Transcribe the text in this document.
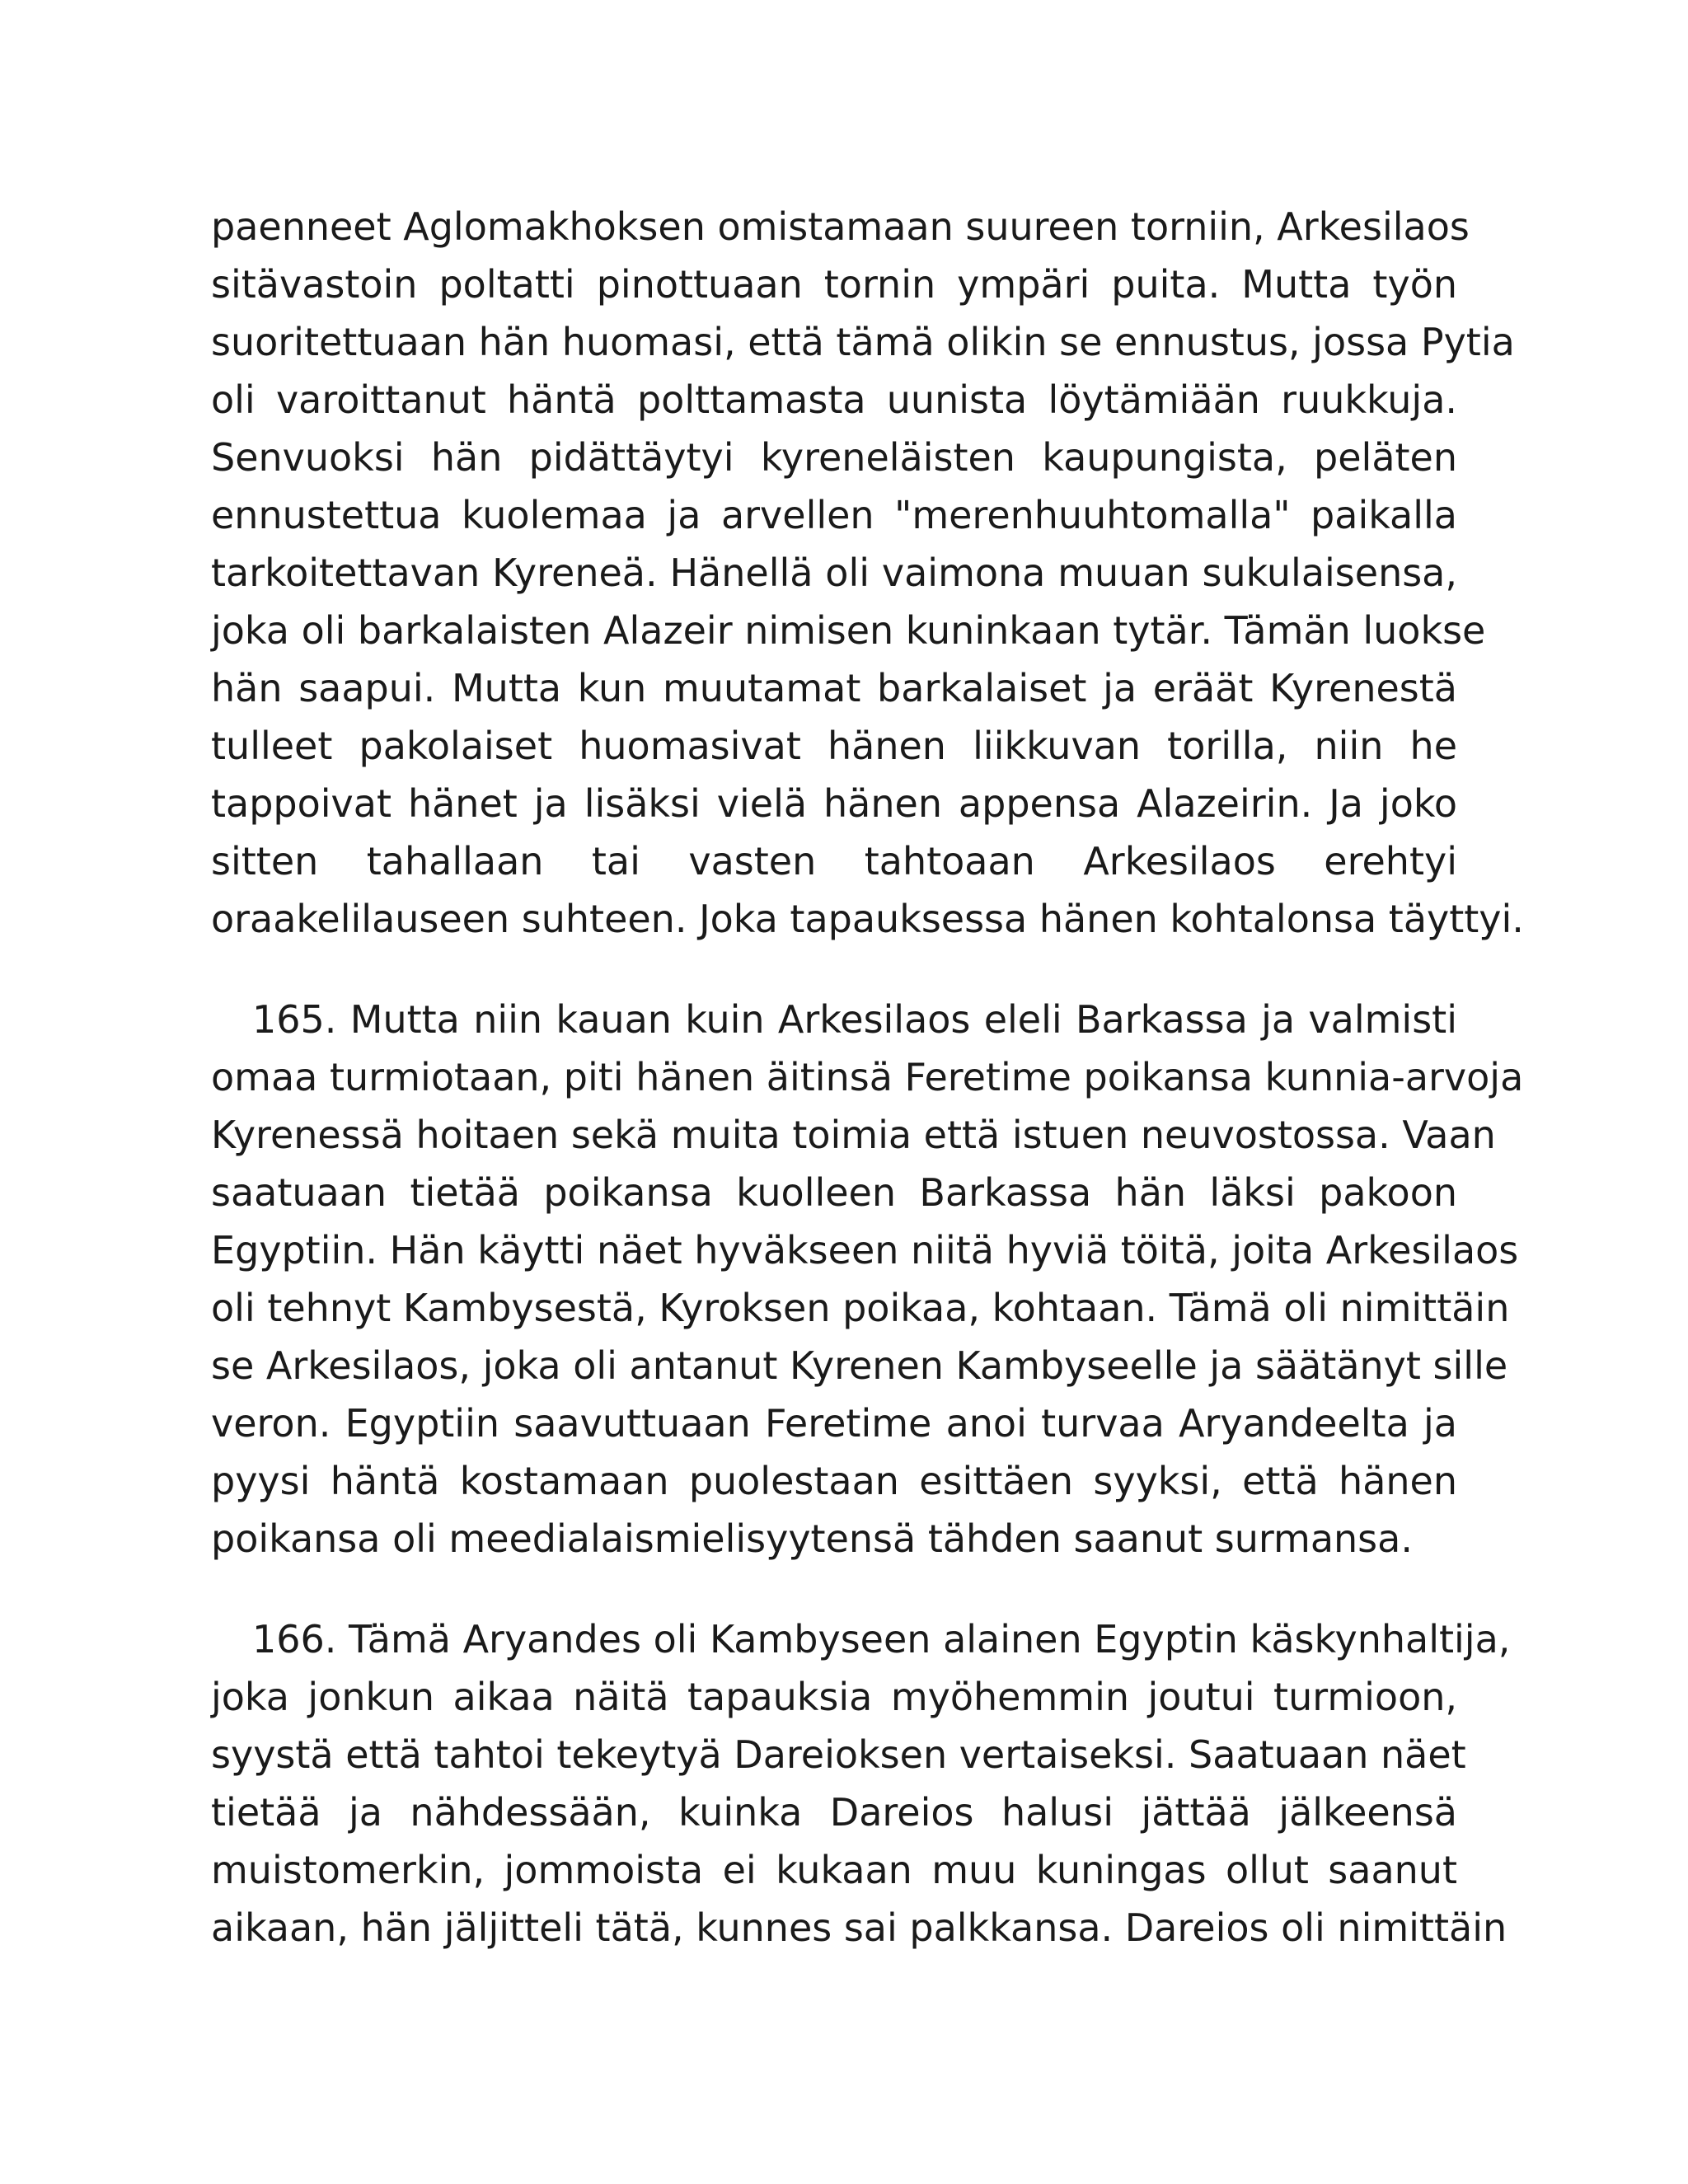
paenneet Aglomakhoksen omistamaan suureen torniin, Arkesilaos
sitävastoin poltatti pinottuaan tornin ympäri puita. Mutta työn
suoritettuaan hän huomasi, että tämä olikin se ennustus, jossa Pytia
oli varoittanut häntä polttamasta uunista löytämiään ruukkuja.
Senvuoksi hän pidättäytyi kyreneläisten kaupungista, peläten
ennustettua kuolemaa ja arvellen "merenhuuhtomalla" paikalla
tarkoitettavan Kyreneä. Hänellä oli vaimona muuan sukulaisensa,
joka oli barkalaisten Alazeir nimisen kuninkaan tytär. Tämän luokse
hän saapui. Mutta kun muutamat barkalaiset ja eräät Kyrenestä
tulleet pakolaiset huomasivat hänen liikkuvan torilla, niin he
tappoivat hänet ja lisäksi vielä hänen appensa Alazeirin. Ja joko
sitten tahallaan tai vasten tahtoaan Arkesilaos erehtyi
oraakelilauseen suhteen. Joka tapauksessa hänen kohtalonsa täyttyi.
165. Mutta niin kauan kuin Arkesilaos eleli Barkassa ja valmisti
omaa turmiotaan, piti hänen äitinsä Feretime poikansa kunnia-arvoja
Kyrenessä hoitaen sekä muita toimia että istuen neuvostossa. Vaan
saatuaan tietää poikansa kuolleen Barkassa hän läksi pakoon
Egyptiin. Hän käytti näet hyväkseen niitä hyviä töitä, joita Arkesilaos
oli tehnyt Kambysestä, Kyroksen poikaa, kohtaan. Tämä oli nimittäin
se Arkesilaos, joka oli antanut Kyrenen Kambyseelle ja säätänyt sille
veron. Egyptiin saavuttuaan Feretime anoi turvaa Aryandeelta ja
pyysi häntä kostamaan puolestaan esittäen syyksi, että hänen
poikansa oli meedialaismielisyytensä tähden saanut surmansa.
166. Tämä Aryandes oli Kambyseen alainen Egyptin käskynhaltija,
joka jonkun aikaa näitä tapauksia myöhemmin joutui turmioon,
syystä että tahtoi tekeytyä Dareioksen vertaiseksi. Saatuaan näet
tietää ja nähdessään, kuinka Dareios halusi jättää jälkeensä
muistomerkin, jommoista ei kukaan muu kuningas ollut saanut
aikaan, hän jäljitteli tätä, kunnes sai palkkansa. Dareios oli nimittäin
